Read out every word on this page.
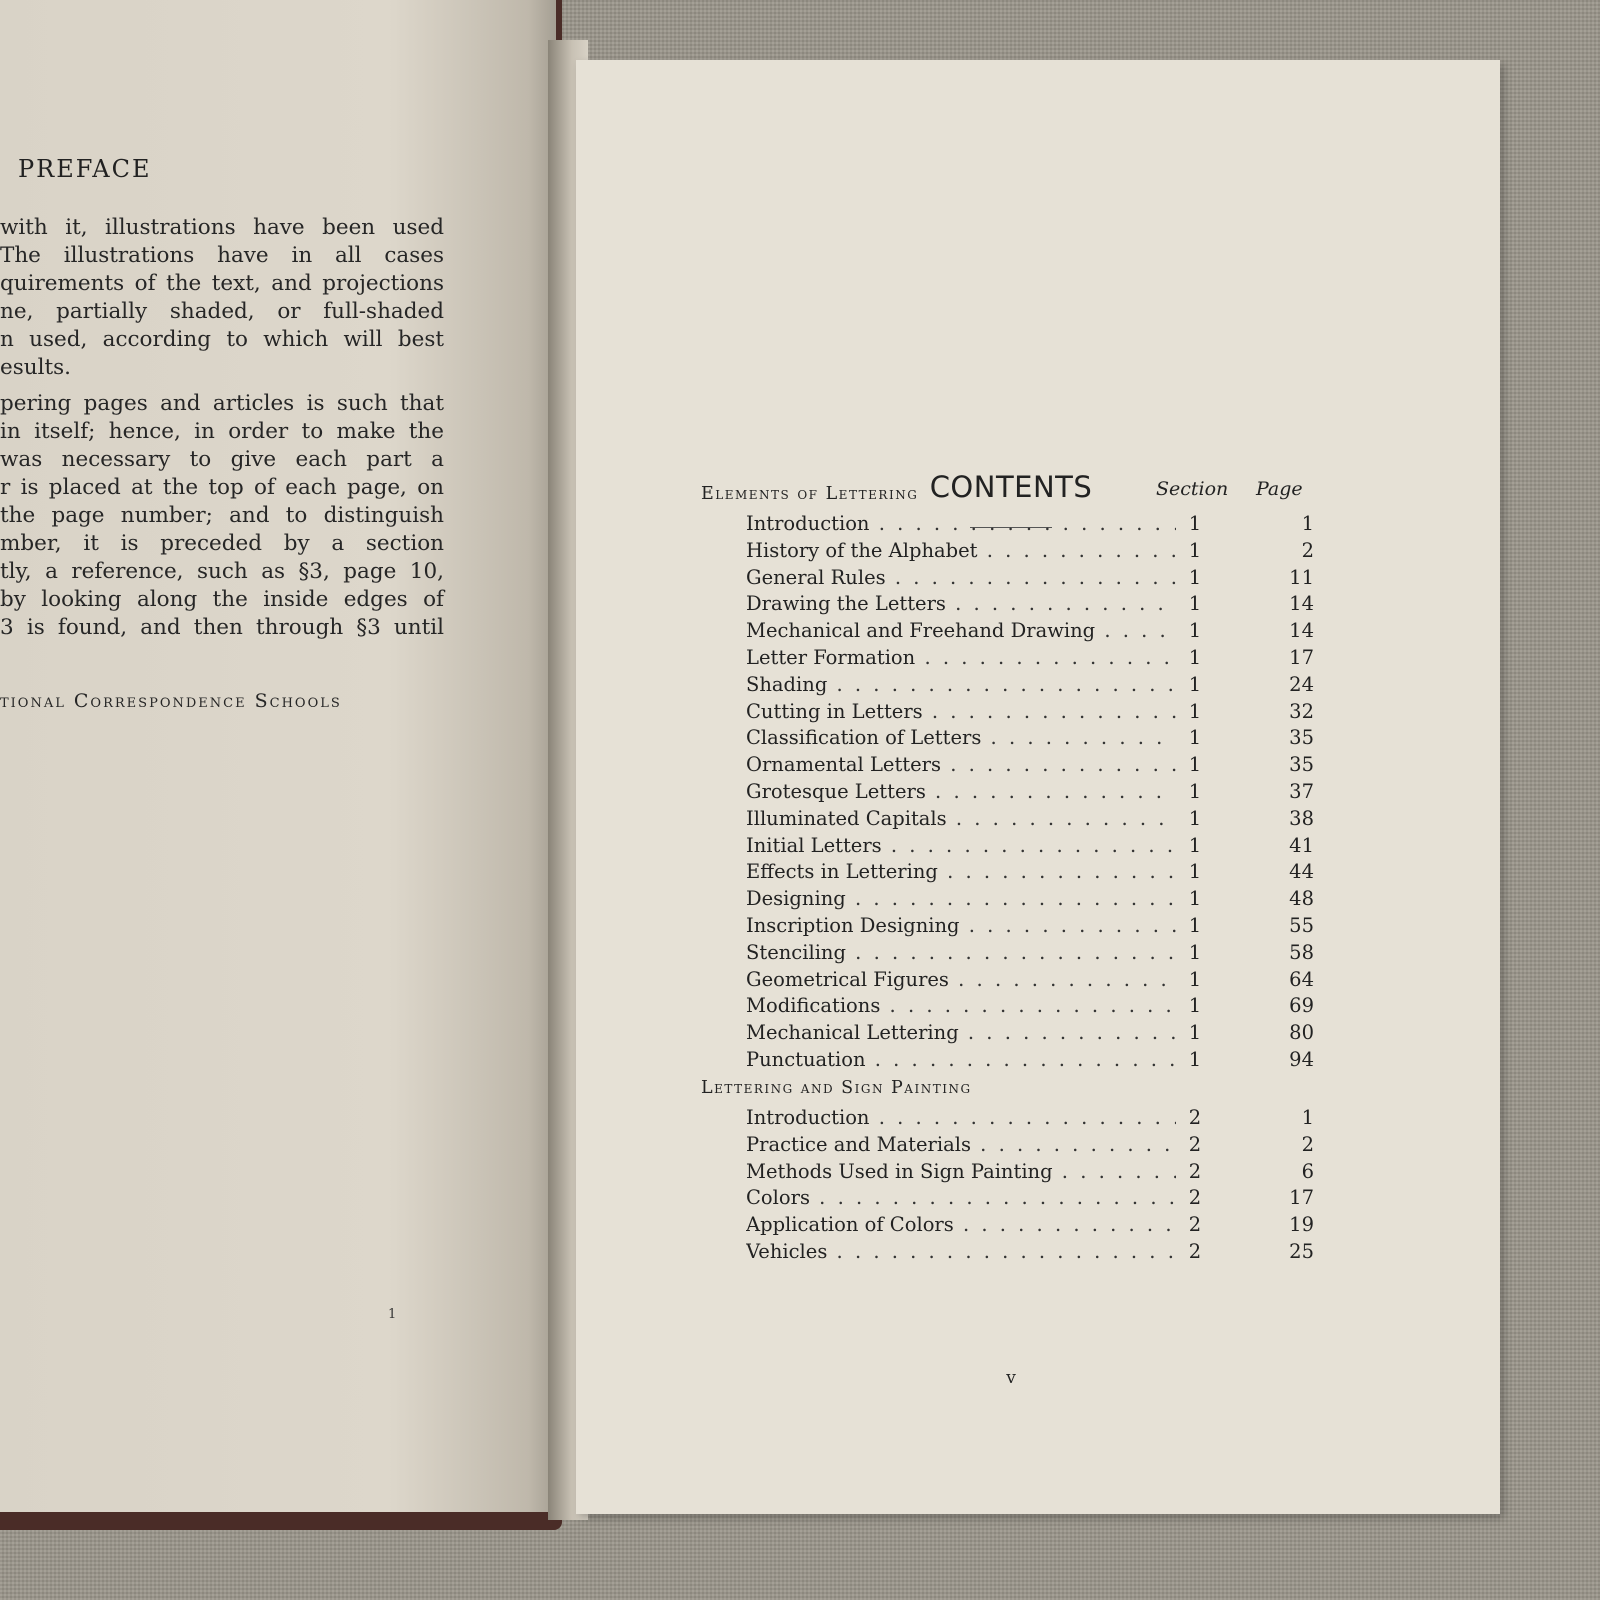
PREFACE
with it, illustrations have been used
The illustrations have in all cases
quirements of the text, and projections
ne, partially shaded, or full-shaded
n used, according to which will best
esults.
pering pages and articles is such that
in itself; hence, in order to make the
was necessary to give each part a
r is placed at the top of each page, on
the page number; and to distinguish
mber, it is preceded by a section
tly, a reference, such as §3, page 10,
by looking along the inside edges of
3 is found, and then through §3 until
tional Correspondence Schools
1
CONTENTS	Section Page
Elements of Lettering
Introduction . . .	1	1
History of the Alphabet . . .	1	2
General Rules . . .	1	11
Drawing the Letters . . .	1	14
Mechanical and Freehand Drawing . . .	1	14
Letter Formation . . .	1	17
Shading . . .	1	24
Cutting in Letters . . .	1	32
Classification of Letters . . .	1	35
Ornamental Letters . . .	1	35
Grotesque Letters . . .	1	37
Illuminated Capitals . . .	1	38
Initial Letters . . .	1	41
Effects in Lettering . . .	1	44
Designing . . .	1	48
Inscription Designing . . .	1	55
Stenciling . . .	1	58
Geometrical Figures . . .	1	64
Modifications . . .	1	69
Mechanical Lettering . . .	1	80
Punctuation . . .	1	94
Lettering and Sign Painting
Introduction . . .	2	1
Practice and Materials . . .	2	2
Methods Used in Sign Painting . . .	2	6
Colors . . .	2	17
Application of Colors . . .	2	19
Vehicles . . .	2	25
v
